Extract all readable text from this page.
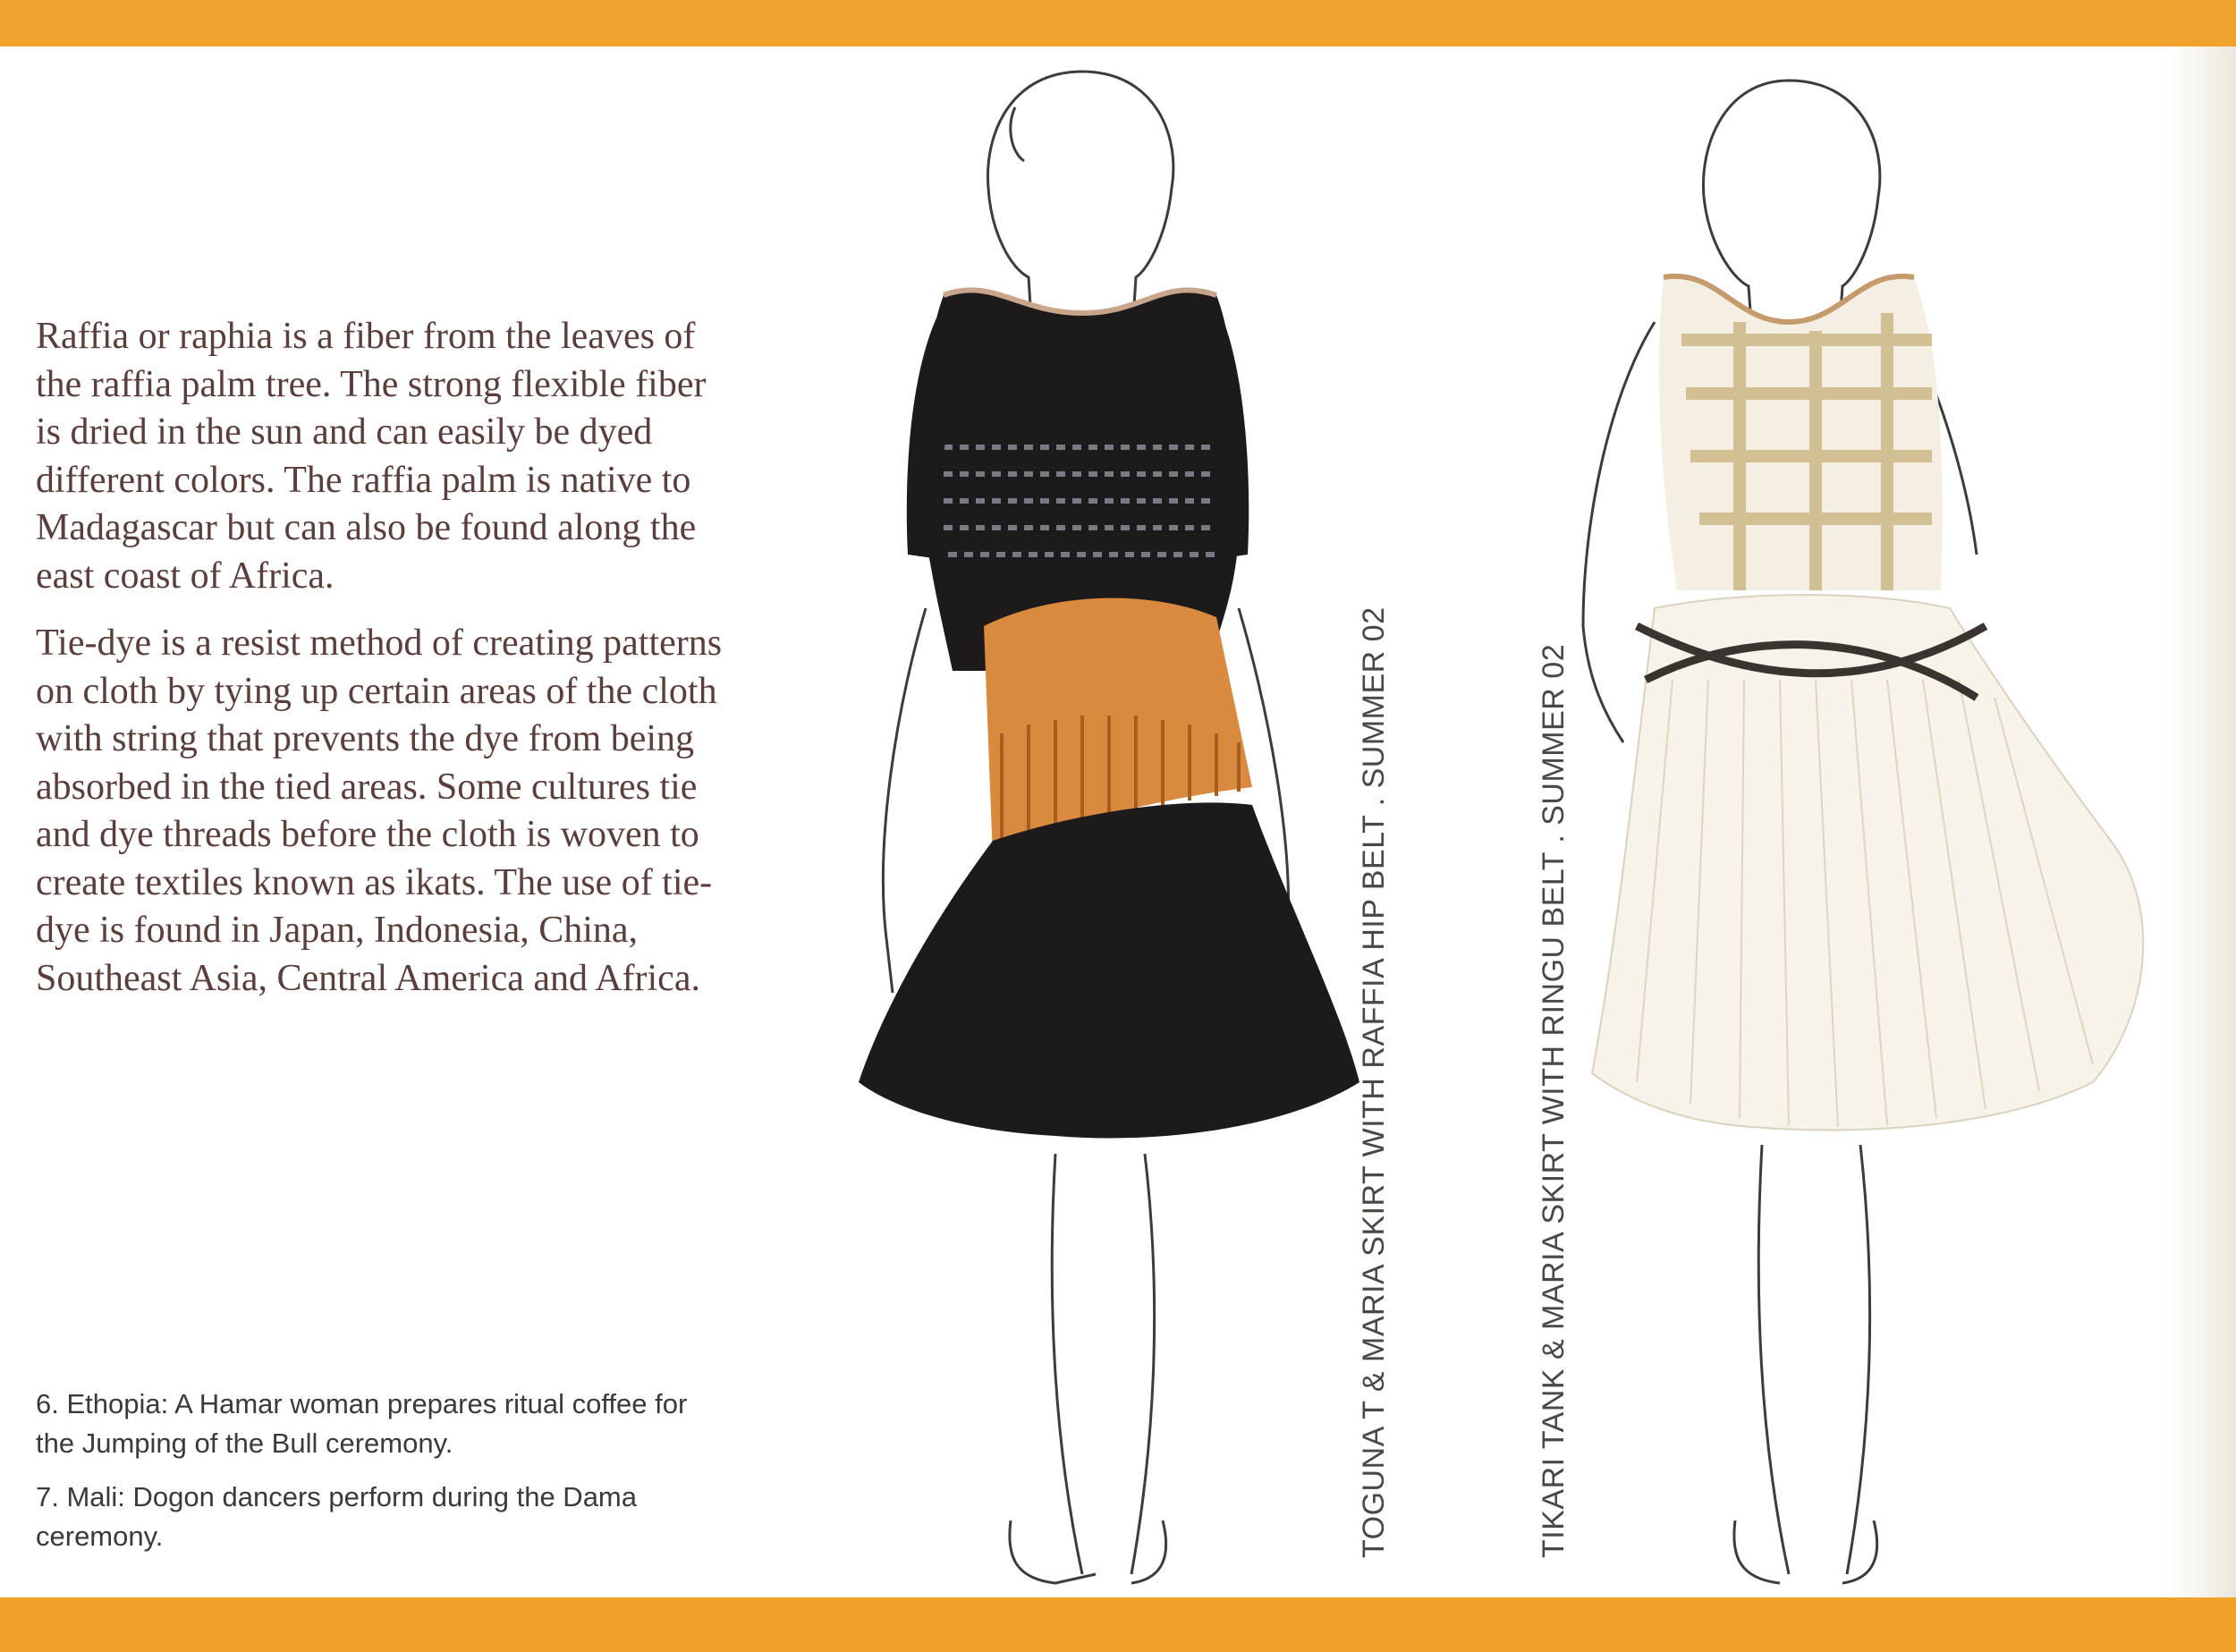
Raffia or raphia is a fiber from the leaves of the raffia palm tree. The strong flexible fiber is dried in the sun and can easily be dyed different colors. The raffia palm is native to Madagascar but can also be found along the east coast of Africa.

Tie-dye is a resist method of creating patterns on cloth by tying up certain areas of the cloth with string that prevents the dye from being absorbed in the tied areas. Some cultures tie and dye threads before the cloth is woven to create textiles known as ikats. The use of tie-dye is found in Japan, Indonesia, China, Southeast Asia, Central America and Africa.

6. Ethopia: A Hamar woman prepares ritual coffee for the Jumping of the Bull ceremony.

7. Mali: Dogon dancers perform during the Dama ceremony.	TOGUNA T & MARIA SKIRT WITH RAFFIA HIP BELT . SUMMER 02	TIKARI TANK & MARIA SKIRT WITH RINGU BELT . SUMMER 02
